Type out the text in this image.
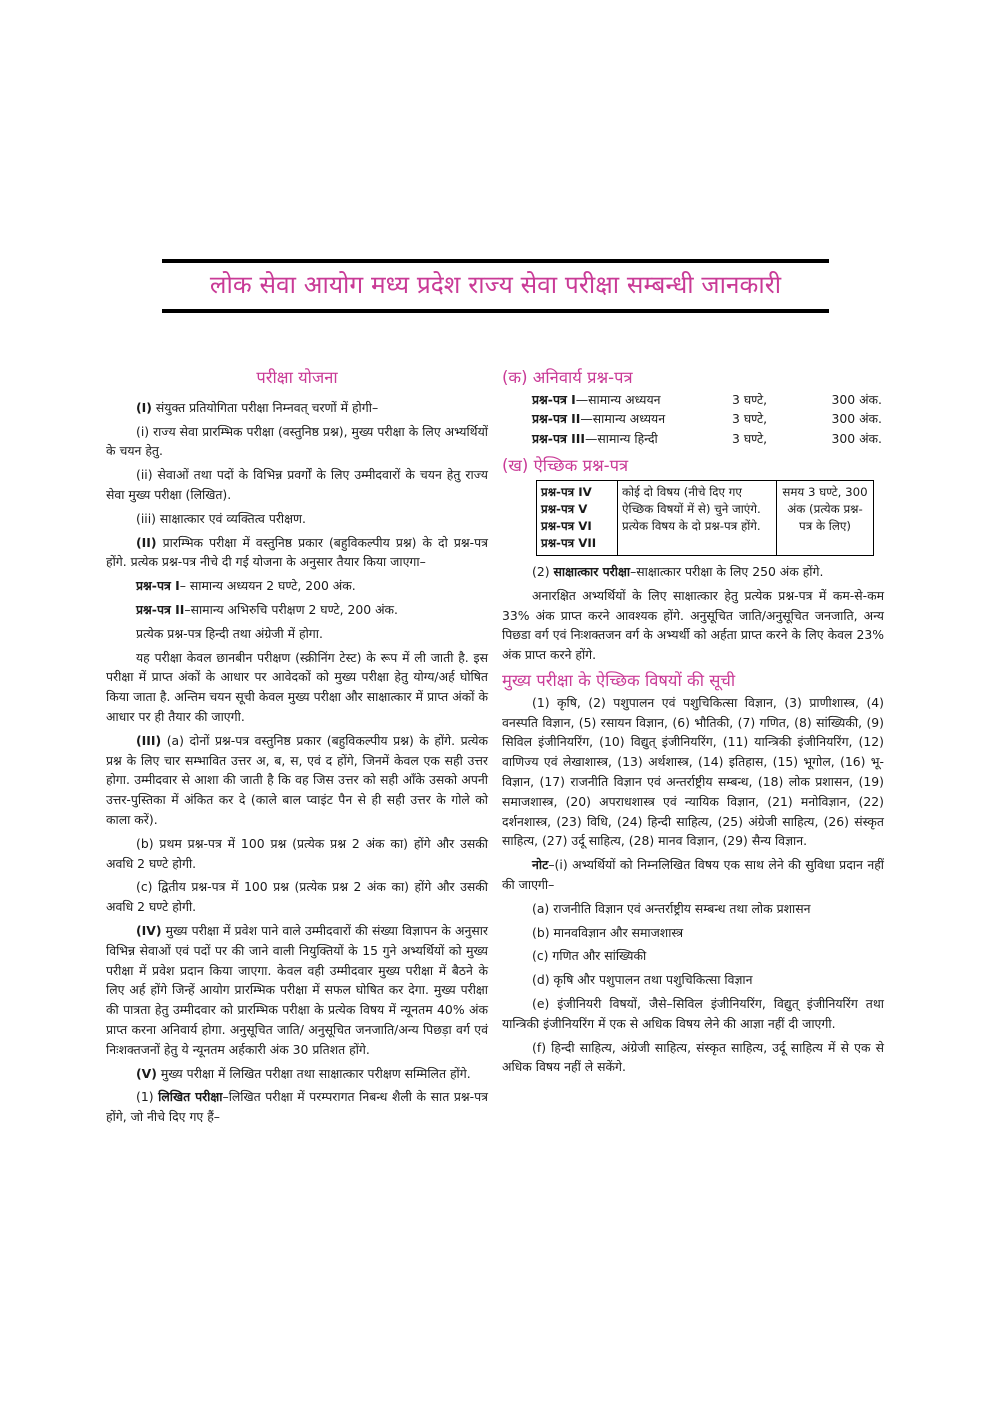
लोक सेवा आयोग मध्य प्रदेश राज्य सेवा परीक्षा सम्बन्धी जानकारी
परीक्षा योजना

(I) संयुक्त प्रतियोगिता परीक्षा निम्नवत् चरणों में होगी–

(i) राज्य सेवा प्रारम्भिक परीक्षा (वस्तुनिष्ठ प्रश्न), मुख्य परीक्षा के लिए अभ्यर्थियों के चयन हेतु.

(ii) सेवाओं तथा पदों के विभिन्न प्रवर्गों के लिए उम्मीदवारों के चयन हेतु राज्य सेवा मुख्य परीक्षा (लिखित).

(iii) साक्षात्कार एवं व्यक्तित्व परीक्षण.

(II) प्रारम्भिक परीक्षा में वस्तुनिष्ठ प्रकार (बहुविकल्पीय प्रश्न) के दो प्रश्न-पत्र होंगे. प्रत्येक प्रश्न-पत्र नीचे दी गई योजना के अनुसार तैयार किया जाएगा–

प्रश्न-पत्र I– सामान्य अध्ययन 2 घण्टे, 200 अंक.

प्रश्न-पत्र II–सामान्य अभिरुचि परीक्षण 2 घण्टे, 200 अंक.

प्रत्येक प्रश्न-पत्र हिन्दी तथा अंग्रेजी में होगा.

यह परीक्षा केवल छानबीन परीक्षण (स्क्रीनिंग टेस्ट) के रूप में ली जाती है. इस परीक्षा में प्राप्त अंकों के आधार पर आवेदकों को मुख्य परीक्षा हेतु योग्य/अर्ह घोषित किया जाता है. अन्तिम चयन सूची केवल मुख्य परीक्षा और साक्षात्कार में प्राप्त अंकों के आधार पर ही तैयार की जाएगी.

(III) (a) दोनों प्रश्न-पत्र वस्तुनिष्ठ प्रकार (बहुविकल्पीय प्रश्न) के होंगे. प्रत्येक प्रश्न के लिए चार सम्भावित उत्तर अ, ब, स, एवं द होंगे, जिनमें केवल एक सही उत्तर होगा. उम्मीदवार से आशा की जाती है कि वह जिस उत्तर को सही आँके उसको अपनी उत्तर-पुस्तिका में अंकित कर दे (काले बाल प्वाइंट पैन से ही सही उत्तर के गोले को काला करें).

(b) प्रथम प्रश्न-पत्र में 100 प्रश्न (प्रत्येक प्रश्न 2 अंक का) होंगे और उसकी अवधि 2 घण्टे होगी.

(c) द्वितीय प्रश्न-पत्र में 100 प्रश्न (प्रत्येक प्रश्न 2 अंक का) होंगे और उसकी अवधि 2 घण्टे होगी.

(IV) मुख्य परीक्षा में प्रवेश पाने वाले उम्मीदवारों की संख्या विज्ञापन के अनुसार विभिन्न सेवाओं एवं पदों पर की जाने वाली नियुक्तियों के 15 गुने अभ्यर्थियों को मुख्य परीक्षा में प्रवेश प्रदान किया जाएगा. केवल वही उम्मीदवार मुख्य परीक्षा में बैठने के लिए अर्ह होंगे जिन्हें आयोग प्रारम्भिक परीक्षा में सफल घोषित कर देगा. मुख्य परीक्षा की पात्रता हेतु उम्मीदवार को प्रारम्भिक परीक्षा के प्रत्येक विषय में न्यूनतम 40% अंक प्राप्त करना अनिवार्य होगा. अनुसूचित जाति/ अनुसूचित जनजाति/अन्य पिछड़ा वर्ग एवं निःशक्तजनों हेतु ये न्यूनतम अर्हकारी अंक 30 प्रतिशत होंगे.

(V) मुख्य परीक्षा में लिखित परीक्षा तथा साक्षात्कार परीक्षण सम्मिलित होंगे.

(1) लिखित परीक्षा–लिखित परीक्षा में परम्परागत निबन्ध शैली के सात प्रश्न-पत्र होंगे, जो नीचे दिए गए हैं–

(क) अनिवार्य प्रश्न-पत्र
प्रश्न-पत्र I—सामान्य अध्ययन	3 घण्टे,	300 अंक.
प्रश्न-पत्र II—सामान्य अध्ययन	3 घण्टे,	300 अंक.
प्रश्न-पत्र III—सामान्य हिन्दी	3 घण्टे,	300 अंक.
(ख) ऐच्छिक प्रश्न-पत्र
प्रश्न-पत्र IV
प्रश्न-पत्र V
प्रश्न-पत्र VI
प्रश्न-पत्र VII
	कोई दो विषय (नीचे दिए गए ऐच्छिक विषयों में से) चुने जाएंगे. प्रत्येक विषय के दो प्रश्न-पत्र होंगे.	समय 3 घण्टे, 300 अंक (प्रत्येक प्रश्न-पत्र के लिए)

(2) साक्षात्कार परीक्षा–साक्षात्कार परीक्षा के लिए 250 अंक होंगे.

अनारक्षित अभ्यर्थियों के लिए साक्षात्कार हेतु प्रत्येक प्रश्न-पत्र में कम-से-कम 33% अंक प्राप्त करने आवश्यक होंगे. अनुसूचित जाति/अनुसूचित जनजाति, अन्य पिछडा वर्ग एवं निःशक्तजन वर्ग के अभ्यर्थी को अर्हता प्राप्त करने के लिए केवल 23% अंक प्राप्त करने होंगे.

मुख्य परीक्षा के ऐच्छिक विषयों की सूची

(1) कृषि, (2) पशुपालन एवं पशुचिकित्सा विज्ञान, (3) प्राणीशास्त्र, (4) वनस्पति विज्ञान, (5) रसायन विज्ञान, (6) भौतिकी, (7) गणित, (8) सांख्यिकी, (9) सिविल इंजीनियरिंग, (10) विद्युत् इंजीनियरिंग, (11) यान्त्रिकी इंजीनियरिंग, (12) वाणिज्य एवं लेखाशास्त्र, (13) अर्थशास्त्र, (14) इतिहास, (15) भूगोल, (16) भू-विज्ञान, (17) राजनीति विज्ञान एवं अन्तर्राष्ट्रीय सम्बन्ध, (18) लोक प्रशासन, (19) समाजशास्त्र, (20) अपराधशास्त्र एवं न्यायिक विज्ञान, (21) मनोविज्ञान, (22) दर्शनशास्त्र, (23) विधि, (24) हिन्दी साहित्य, (25) अंग्रेजी साहित्य, (26) संस्कृत साहित्य, (27) उर्दू साहित्य, (28) मानव विज्ञान, (29) सैन्य विज्ञान.

नोट–(i) अभ्यर्थियों को निम्नलिखित विषय एक साथ लेने की सुविधा प्रदान नहीं की जाएगी–

(a) राजनीति विज्ञान एवं अन्तर्राष्ट्रीय सम्बन्ध तथा लोक प्रशासन

(b) मानवविज्ञान और समाजशास्त्र

(c) गणित और सांख्यिकी

(d) कृषि और पशुपालन तथा पशुचिकित्सा विज्ञान

(e) इंजीनियरी विषयों, जैसे–सिविल इंजीनियरिंग, विद्युत् इंजीनियरिंग तथा यान्त्रिकी इंजीनियरिंग में एक से अधिक विषय लेने की आज्ञा नहीं दी जाएगी.

(f) हिन्दी साहित्य, अंग्रेजी साहित्य, संस्कृत साहित्य, उर्दू साहित्य में से एक से अधिक विषय नहीं ले सकेंगे.
